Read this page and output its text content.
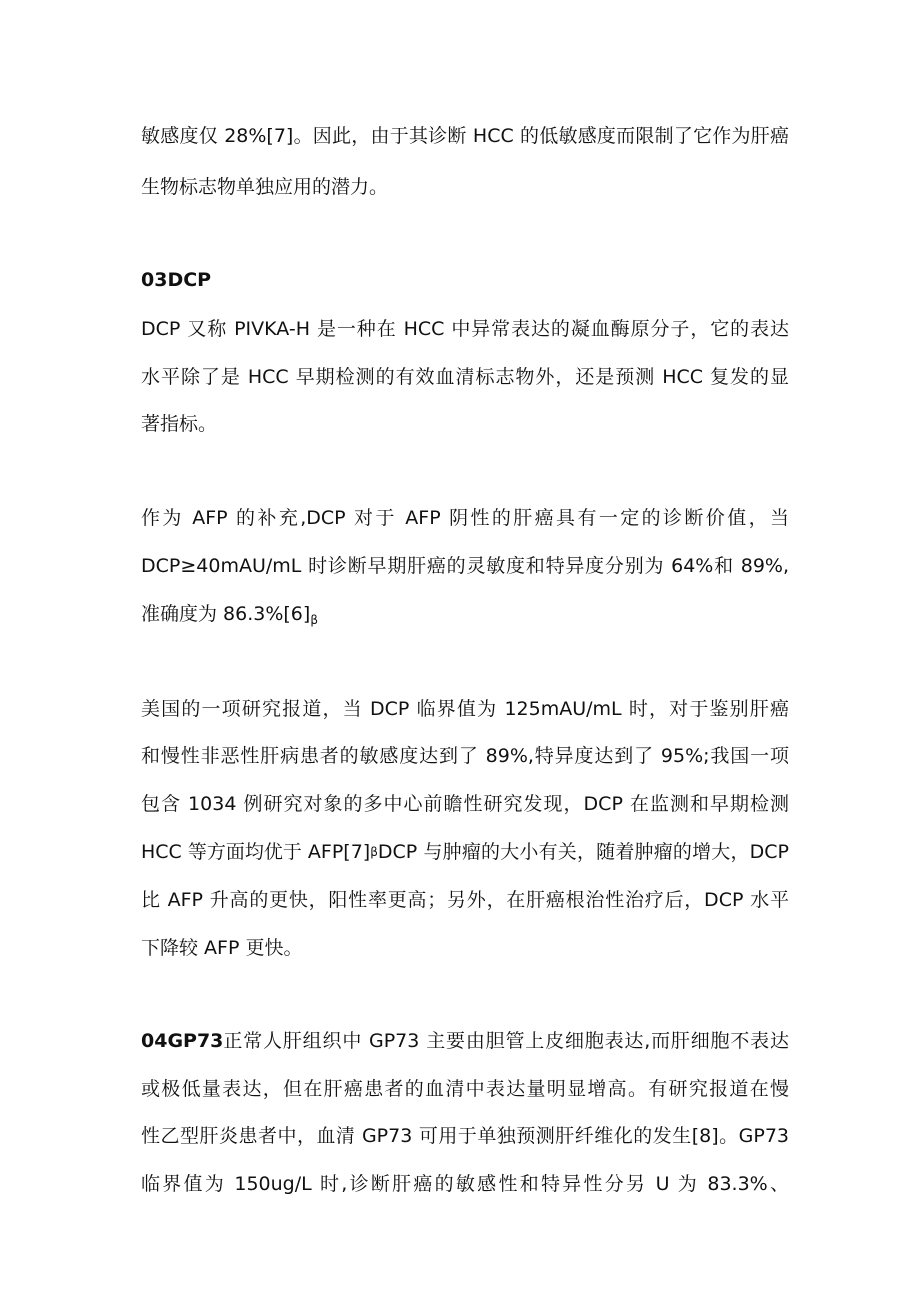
敏感度仅 28%[7]。因此，由于其诊断 HCC 的低敏感度而限制了它作为肝癌
生物标志物单独应用的潜力。
03DCP
DCP 又称 PIVKA-H 是一种在 HCC 中异常表达的凝血酶原分子，它的表达
水平除了是 HCC 早期检测的有效血清标志物外，还是预测 HCC 复发的显
著指标。
作为 AFP 的补充,DCP 对于 AFP 阴性的肝癌具有一定的诊断价值，当
DCP≥40mAU/mL 时诊断早期肝癌的灵敏度和特异度分别为 64%和 89%,
准确度为 $86.3\%[6]_\beta$
美国的一项研究报道，当 DCP 临界值为 125mAU/mL 时，对于鉴别肝癌
和慢性非恶性肝病患者的敏感度达到了 89%,特异度达到了 95%;我国一项
包含 1034 例研究对象的多中心前瞻性研究发现，DCP 在监测和早期检测
HCC 等方面均优于 AFP[7] β DCP 与肿瘤的大小有关，随着肿瘤的增大，DCP
比 AFP 升高的更快，阳性率更高；另外，在肝癌根治性治疗后，DCP 水平
下降较 AFP 更快。
04GP73 正常人肝组织中 GP73 主要由胆管上皮细胞表达,而肝细胞不表达
或极低量表达，但在肝癌患者的血清中表达量明显增高。有研究报道在慢
性乙型肝炎患者中，血清 GP73 可用于单独预测肝纤维化的发生[8]。GP73
临界值为 150ug/L 时,诊断肝癌的敏感性和特异性分另 U 为 83.3%、
